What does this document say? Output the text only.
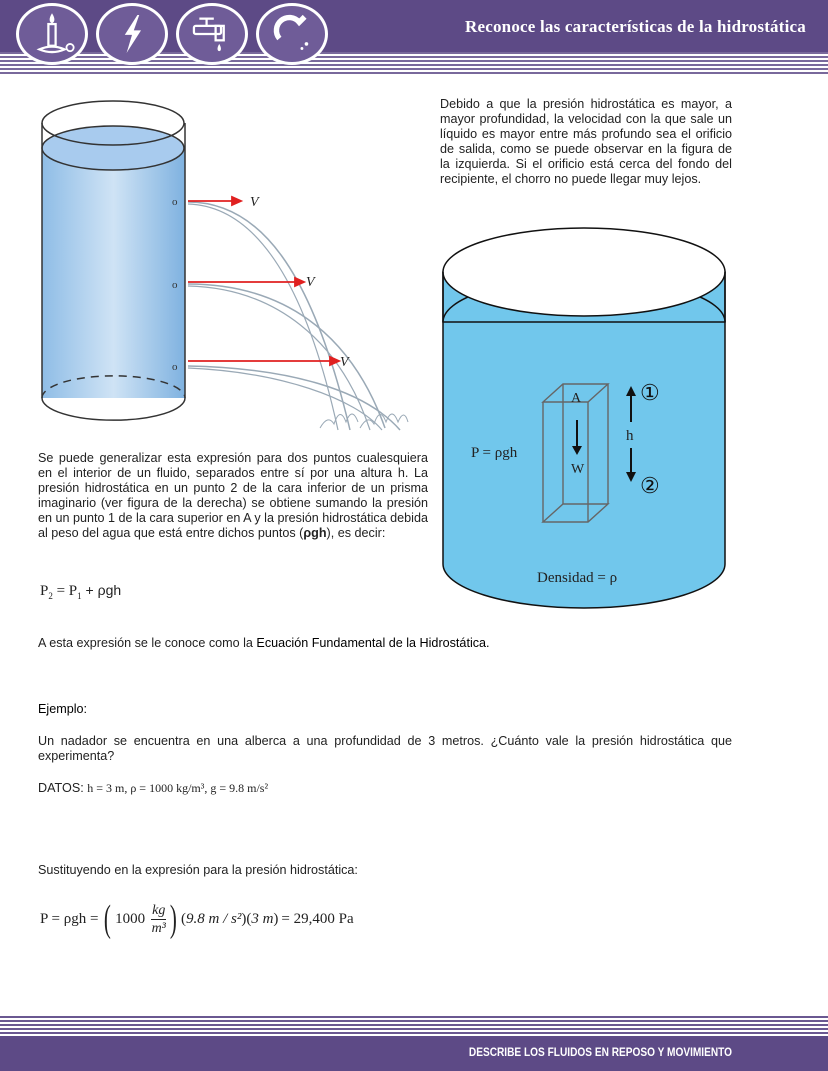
Reconoce las características de la hidrostática
o
o
o
V
V
V
Debido a que la presión hidrostática es mayor, a mayor profundidad, la velocidad con la que sale un líquido es mayor entre más profundo sea el orificio de salida, como se puede observar en la figura de la izquierda. Si el orificio está cerca del fondo del recipiente, el chorro no puede llegar muy lejos.
A
W
h
①
②
P = ρgh
Densidad = ρ
Se puede generalizar esta expresión para dos puntos cualesquiera en el interior de un fluido, separados entre sí por una altura h. La presión hidrostática en un punto 2 de la cara inferior de un prisma imaginario (ver figura de la derecha) se obtiene sumando la presión en un punto 1 de la cara superior en A y la presión hidrostática debida al peso del agua que está entre dichos puntos (ρgh), es decir:
$P_2 = P_1 + \rho gh$
A esta expresión se le conoce como la Ecuación Fundamental de la Hidrostática.
Ejemplo:
Un nadador se encuentra en una alberca a una profundidad de 3 metros. ¿Cuánto vale la presión hidrostática que experimenta?
DATOS: h = 3 m, ρ = 1000 kg/m³, g = 9.8 m/s²
Sustituyendo en la expresión para la presión hidrostática:
P = ρgh = ( 1000
kg
m³ ) ( 9.8 m / s² ) ( 3 m ) = 29,400 Pa
DESCRIBE LOS FLUIDOS EN REPOSO Y MOVIMIENTO
